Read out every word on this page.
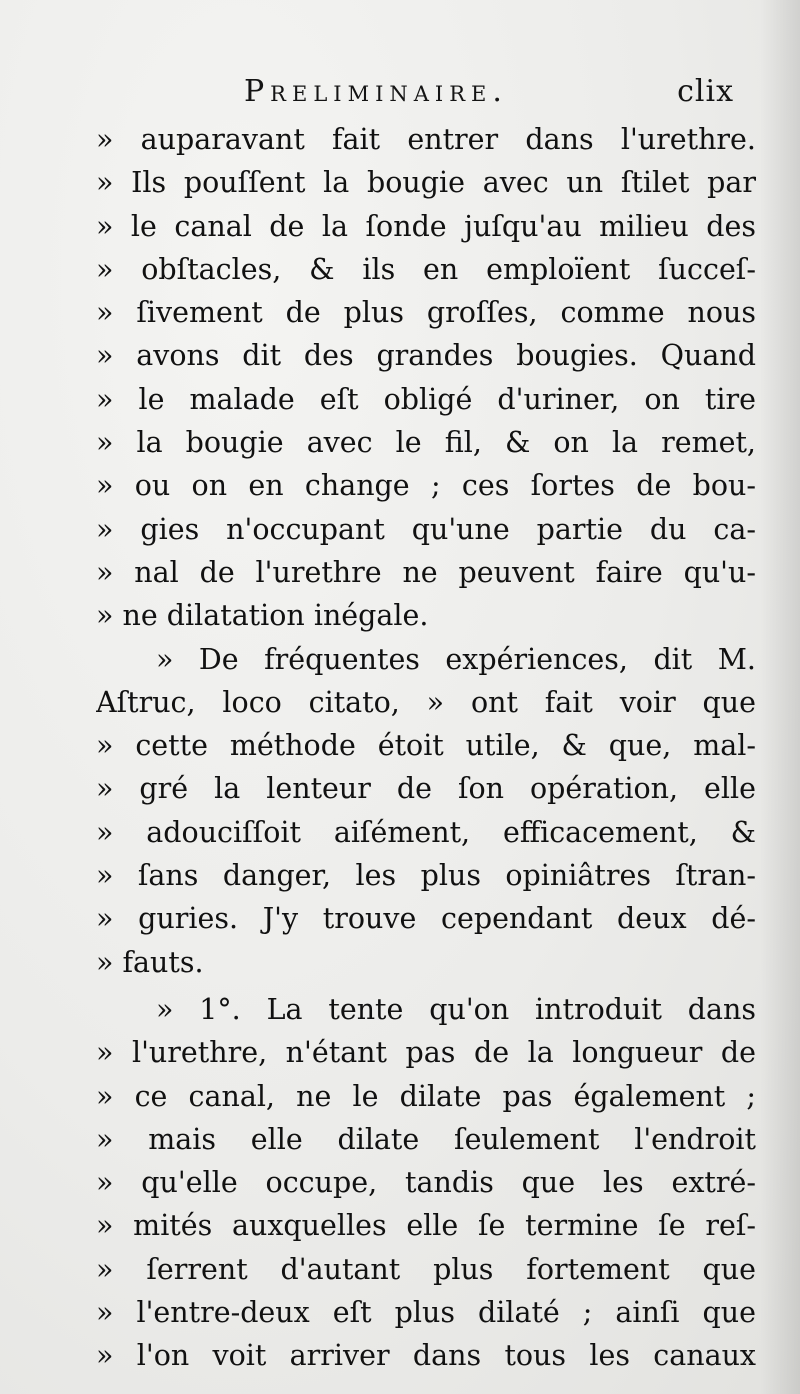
Preliminaire.	clix
» auparavant fait entrer dans l'urethre.
» Ils pouſſent la bougie avec un ſtilet par
» le canal de la ſonde juſqu'au milieu des
» obſtacles, & ils en emploïent ſucceſ-
» ſivement de plus groſſes, comme nous
» avons dit des grandes bougies. Quand
» le malade eſt obligé d'uriner, on tire
» la bougie avec le fil, & on la remet,
» ou on en change ; ces ſortes de bou-
» gies n'occupant qu'une partie du ca-
» nal de l'urethre ne peuvent faire qu'u-
» ne dilatation inégale.
» De fréquentes expériences, dit M.
Aſtruc, loco citato, » ont fait voir que
» cette méthode étoit utile, & que, mal-
» gré la lenteur de ſon opération, elle
» adouciſſoit aiſément, efficacement, &
» ſans danger, les plus opiniâtres ſtran-
» guries. J'y trouve cependant deux dé-
» fauts.
» 1°. La tente qu'on introduit dans
» l'urethre, n'étant pas de la longueur de
» ce canal, ne le dilate pas également ;
» mais elle dilate ſeulement l'endroit
» qu'elle occupe, tandis que les extré-
» mités auxquelles elle ſe termine ſe reſ-
» ſerrent d'autant plus fortement que
» l'entre-deux eſt plus dilaté ; ainſi que
» l'on voit arriver dans tous les canaux
